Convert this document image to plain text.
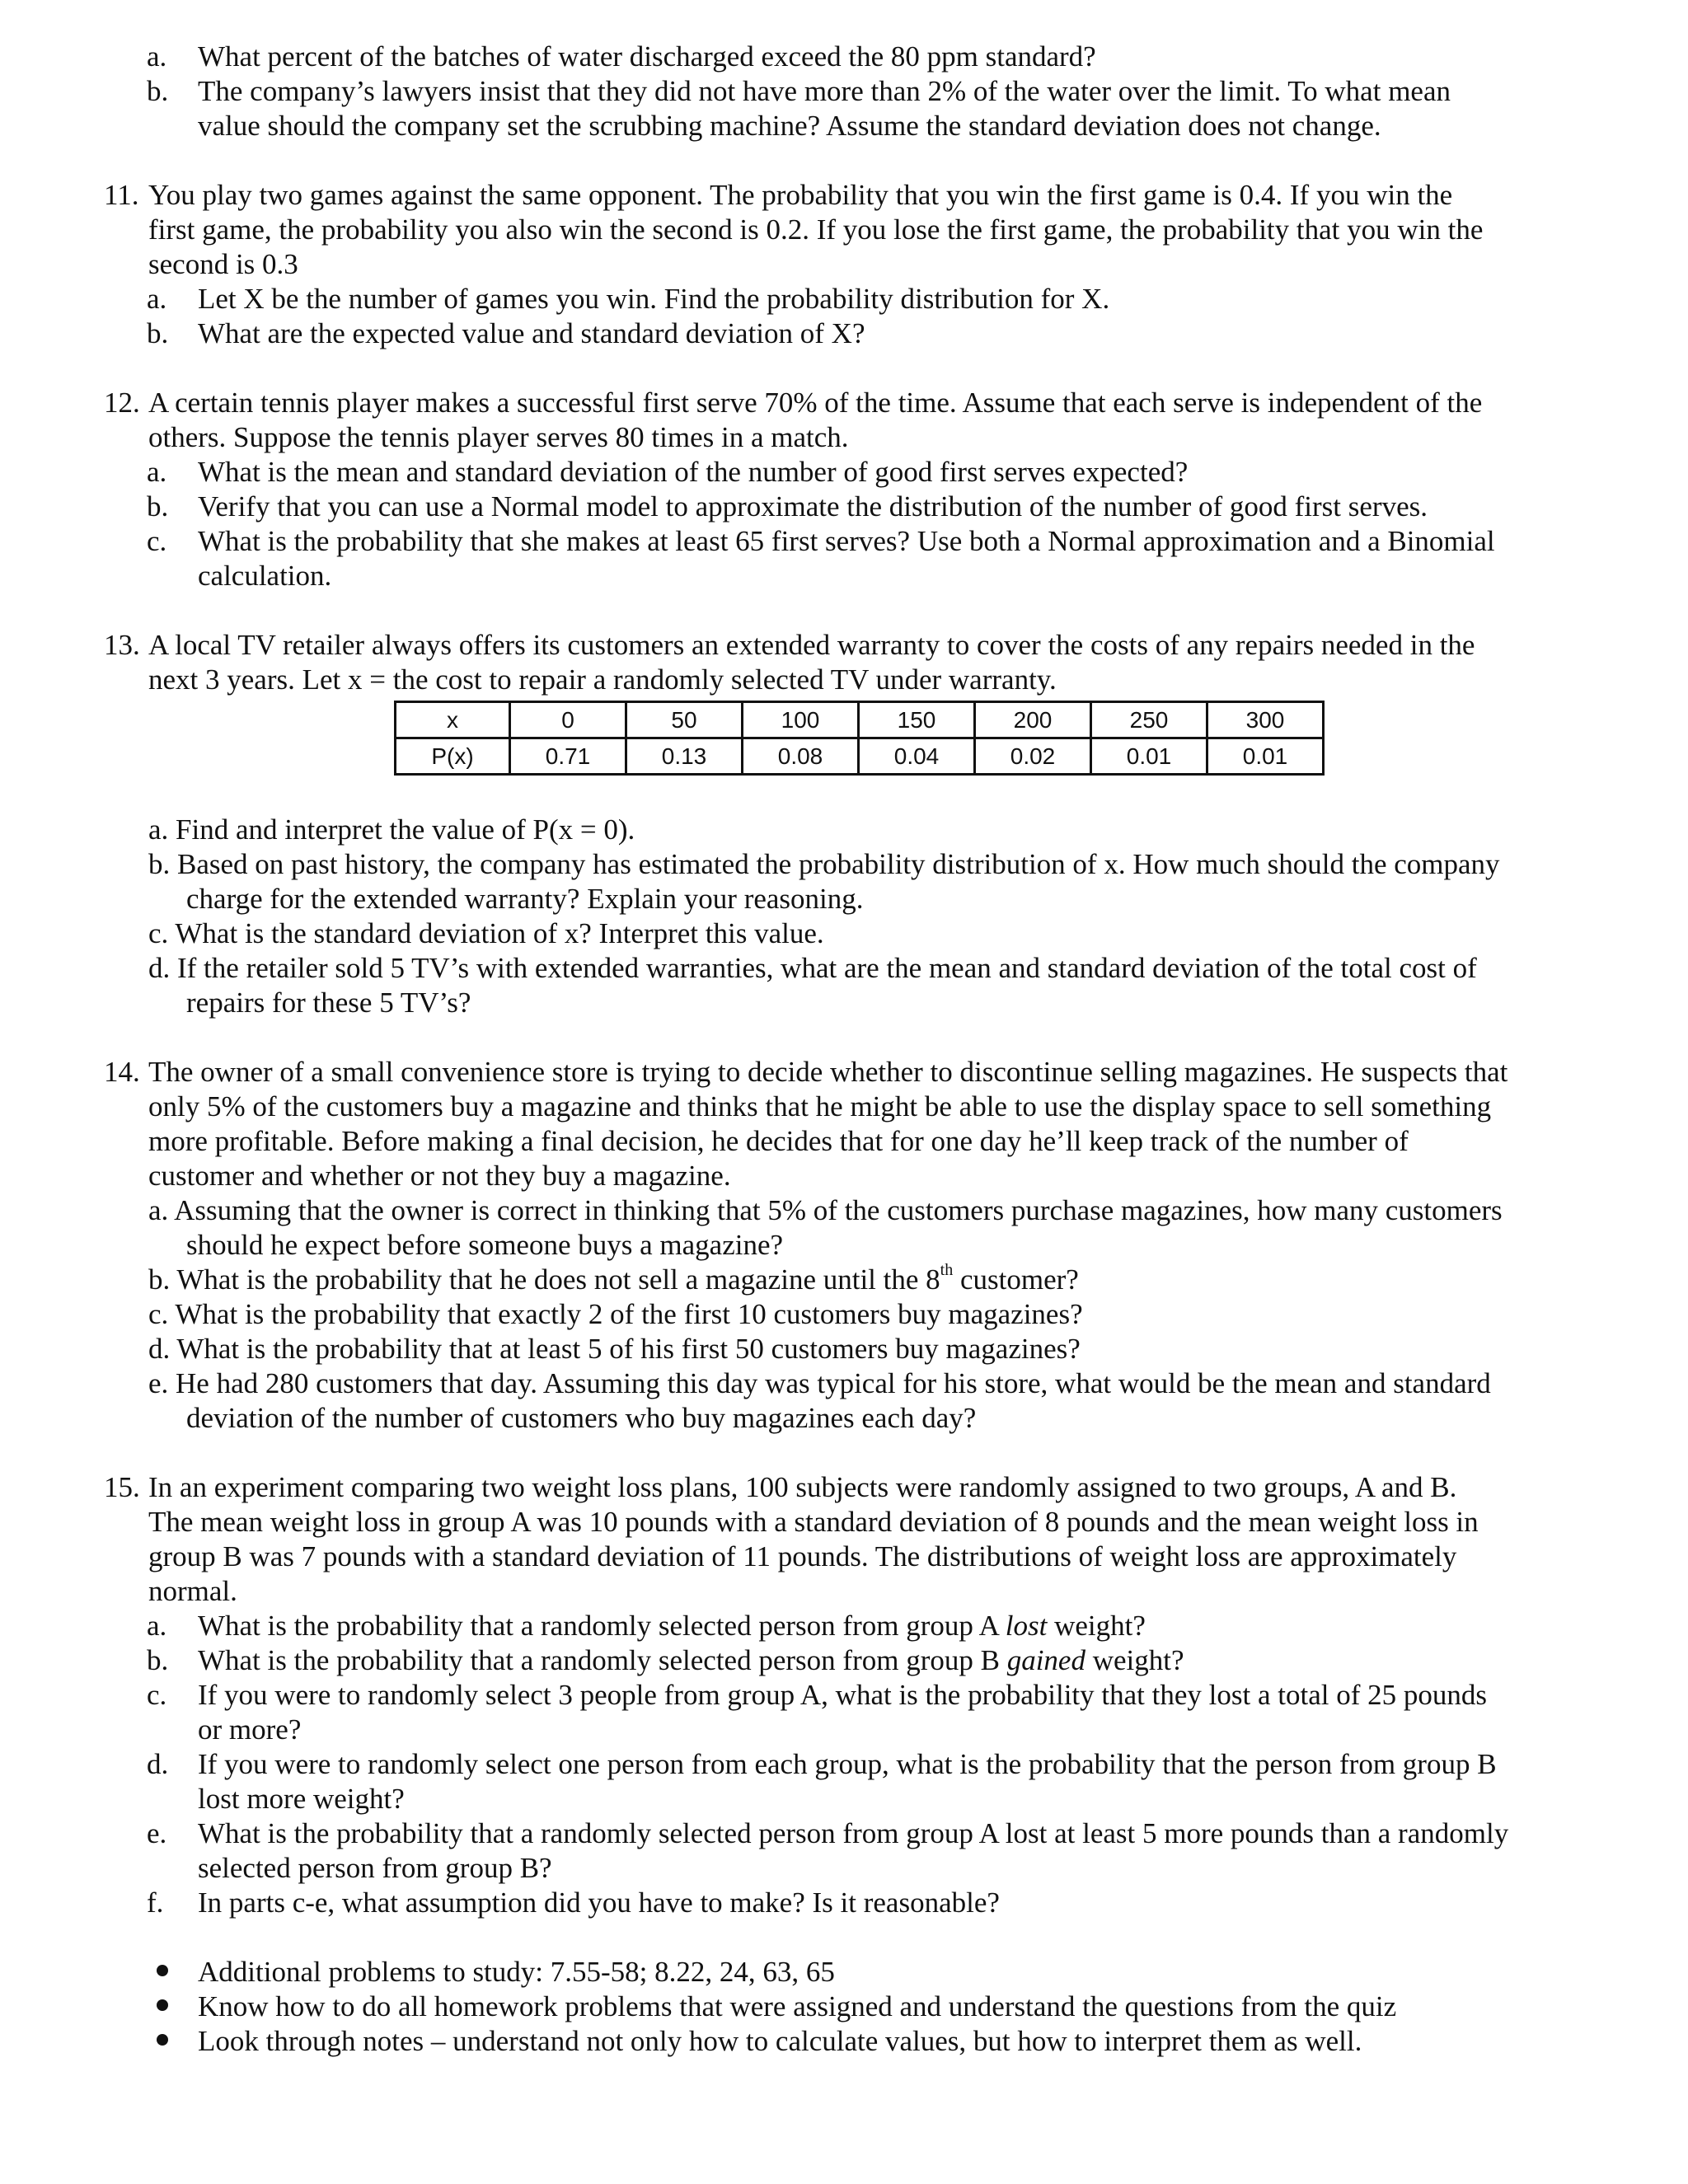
a. What percent of the batches of water discharged exceed the 80 ppm standard?
b. The company’s lawyers insist that they did not have more than 2% of the water over the limit. To what mean
value should the company set the scrubbing machine? Assume the standard deviation does not change.
11. You play two games against the same opponent. The probability that you win the first game is 0.4. If you win the
first game, the probability you also win the second is 0.2. If you lose the first game, the probability that you win the
second is 0.3
a. Let X be the number of games you win. Find the probability distribution for X.
b. What are the expected value and standard deviation of X?
12. A certain tennis player makes a successful first serve 70% of the time. Assume that each serve is independent of the
others. Suppose the tennis player serves 80 times in a match.
a. What is the mean and standard deviation of the number of good first serves expected?
b. Verify that you can use a Normal model to approximate the distribution of the number of good first serves.
c. What is the probability that she makes at least 65 first serves? Use both a Normal approximation and a Binomial
calculation.
13. A local TV retailer always offers its customers an extended warranty to cover the costs of any repairs needed in the
next 3 years. Let x = the cost to repair a randomly selected TV under warranty.
x	0	50	100	150	200	250	300
P(x)	0.71	0.13	0.08	0.04	0.02	0.01	0.01
a. Find and interpret the value of P(x = 0).
b. Based on past history, the company has estimated the probability distribution of x. How much should the company
charge for the extended warranty? Explain your reasoning.
c. What is the standard deviation of x? Interpret this value.
d. If the retailer sold 5 TV’s with extended warranties, what are the mean and standard deviation of the total cost of
repairs for these 5 TV’s?
14. The owner of a small convenience store is trying to decide whether to discontinue selling magazines. He suspects that
only 5% of the customers buy a magazine and thinks that he might be able to use the display space to sell something
more profitable. Before making a final decision, he decides that for one day he’ll keep track of the number of
customer and whether or not they buy a magazine.
a. Assuming that the owner is correct in thinking that 5% of the customers purchase magazines, how many customers
should he expect before someone buys a magazine?
b. What is the probability that he does not sell a magazine until the 8th customer?
c. What is the probability that exactly 2 of the first 10 customers buy magazines?
d. What is the probability that at least 5 of his first 50 customers buy magazines?
e. He had 280 customers that day. Assuming this day was typical for his store, what would be the mean and standard
deviation of the number of customers who buy magazines each day?
15. In an experiment comparing two weight loss plans, 100 subjects were randomly assigned to two groups, A and B.
The mean weight loss in group A was 10 pounds with a standard deviation of 8 pounds and the mean weight loss in
group B was 7 pounds with a standard deviation of 11 pounds. The distributions of weight loss are approximately
normal.
a. What is the probability that a randomly selected person from group A lost weight?
b. What is the probability that a randomly selected person from group B gained weight?
c. If you were to randomly select 3 people from group A, what is the probability that they lost a total of 25 pounds
or more?
d. If you were to randomly select one person from each group, what is the probability that the person from group B
lost more weight?
e. What is the probability that a randomly selected person from group A lost at least 5 more pounds than a randomly
selected person from group B?
f. In parts c-e, what assumption did you have to make? Is it reasonable?
Additional problems to study: 7.55-58; 8.22, 24, 63, 65
Know how to do all homework problems that were assigned and understand the questions from the quiz
Look through notes – understand not only how to calculate values, but how to interpret them as well.
